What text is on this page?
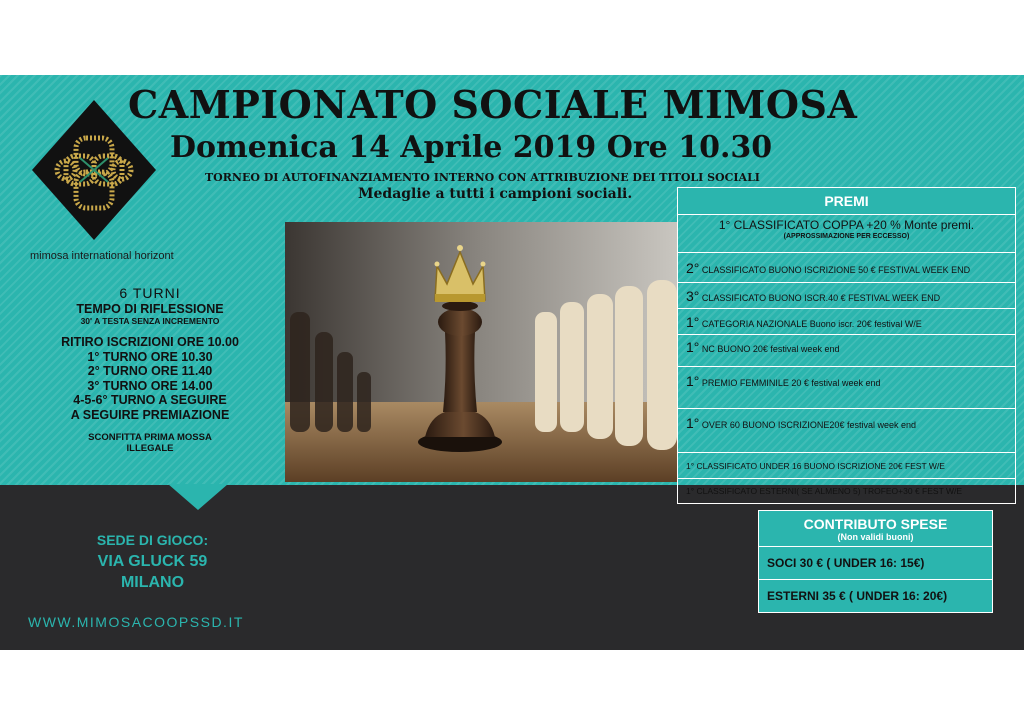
CAMPIONATO SOCIALE MIMOSA
Domenica 14 Aprile 2019 Ore 10.30
TORNEO DI AUTOFINANZIAMENTO INTERNO CON ATTRIBUZIONE DEI TITOLI SOCIALI
Medaglie a tutti i campioni sociali.
mimosa international horizont
6 TURNI
TEMPO DI RIFLESSIONE
30' A TESTA SENZA INCREMENTO
RITIRO ISCRIZIONI ORE 10.00
1° TURNO ORE 10.30
2° TURNO ORE 11.40
3° TURNO ORE 14.00
4-5-6° TURNO A SEGUIRE
A SEGUIRE PREMIAZIONE
SCONFITTA PRIMA MOSSA
ILLEGALE
PREMI
1° CLASSIFICATO COPPA +20 % Monte premi.
(APPROSSIMAZIONE PER ECCESSO)
2° CLASSIFICATO BUONO ISCRIZIONE 50 € FESTIVAL WEEK END
3° CLASSIFICATO BUONO ISCR.40 € FESTIVAL WEEK END
1° CATEGORIA NAZIONALE Buono iscr. 20€ festival W/E
1° NC BUONO 20€ festival week end
1° PREMIO FEMMINILE 20 € festival week end
1° OVER 60 BUONO ISCRIZIONE20€ festival week end
1° CLASSIFICATO UNDER 16 BUONO ISCRIZIONE 20€ FEST W/E
1° CLASSIFICATO ESTERNI( SE ALMENO 5) TROFEO+30 € FEST W/E
CONTRIBUTO SPESE
(Non validi buoni)
SOCI 30 € ( UNDER 16: 15€)
ESTERNI 35 € ( UNDER 16: 20€)
SEDE DI GIOCO:
VIA GLUCK 59
MILANO
WWW.MIMOSACOOPSSD.IT
